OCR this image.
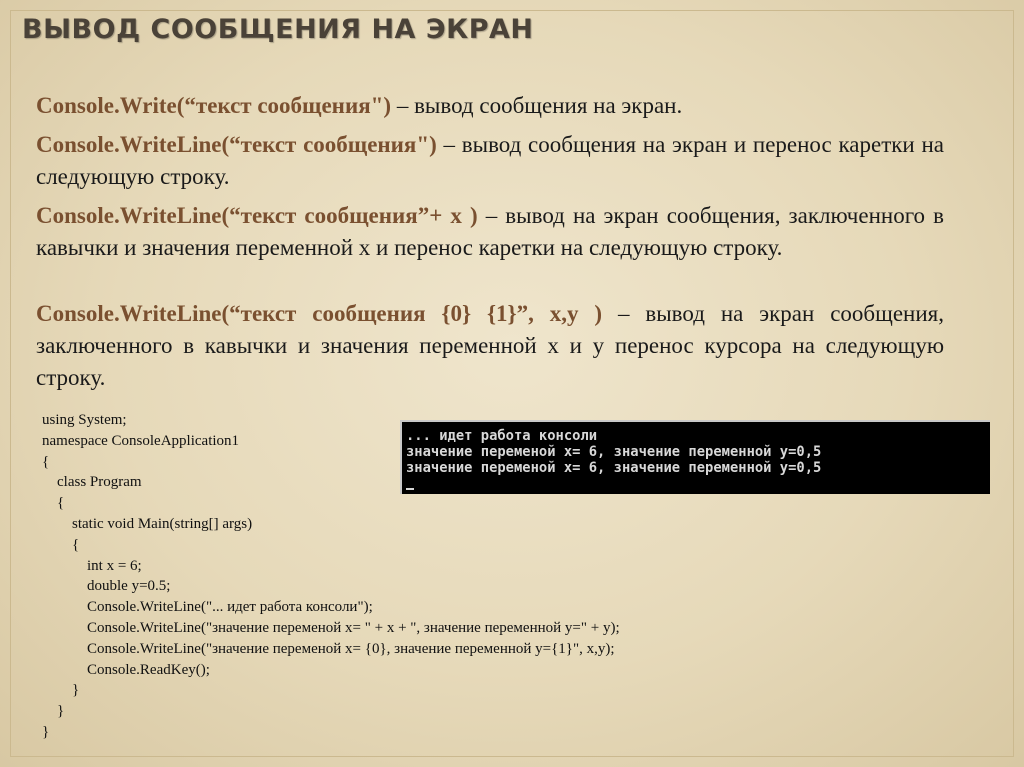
ВЫВОД СООБЩЕНИЯ НА ЭКРАН
Console.Write(“текст сообщения") – вывод сообщения на экран.
Console.WriteLine(“текст сообщения") – вывод сообщения на экран и перенос каретки на следующую строку.
Console.WriteLine(“текст сообщения”+ x ) – вывод на экран сообщения, заключенного в кавычки и значения переменной x и перенос каретки на следующую строку.
Console.WriteLine(“текст сообщения {0} {1}”, x,y ) – вывод на экран сообщения, заключенного в кавычки и значения переменной x и y перенос курсора на следующую строку.
using System;
namespace ConsoleApplication1
{
class Program
{
static void Main(string[] args)
{
int x = 6;
double y=0.5;
Console.WriteLine("... идет работа консоли");
Console.WriteLine("значение переменой x= " + x + ", значение переменной y=" + y);
Console.WriteLine("значение переменой x= {0}, значение переменной y={1}", x,y);
Console.ReadKey();
}
}
}
... идет работа консоли
значение переменой x= 6, значение переменной y=0,5
значение переменой x= 6, значение переменной y=0,5
